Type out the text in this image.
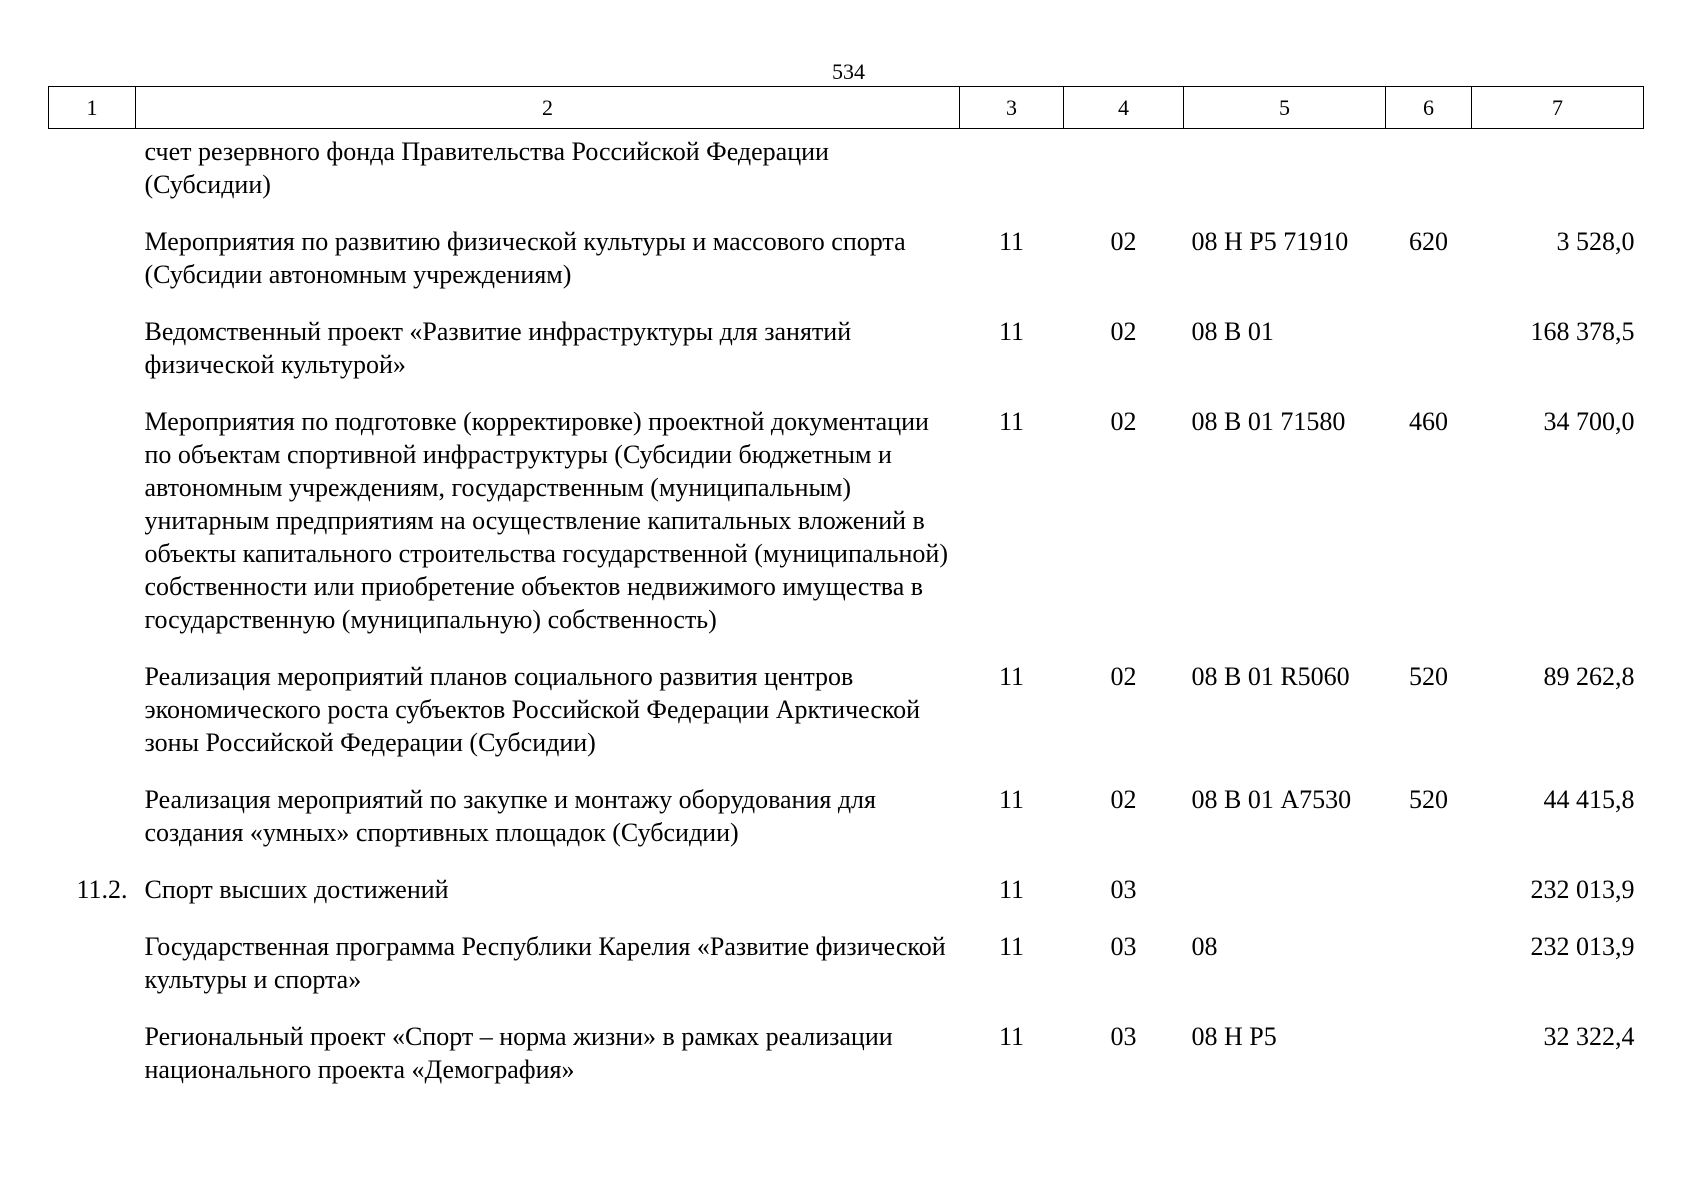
534
1	2	3	4	5	6	7
	счет резервного фонда Правительства Российской Федерации (Субсидии)					
	Мероприятия по развитию физической культуры и массового спорта (Субсидии автономным учреждениям)	11	02	08 Н Р5 71910	620	3 528,0
	Ведомственный проект «Развитие инфраструктуры для занятий физической культурой»	11	02	08 В 01		168 378,5
	Мероприятия по подготовке (корректировке) проектной документации по объектам спортивной инфраструктуры (Субсидии бюджетным и автономным учреждениям, государственным (муниципальным) унитарным предприятиям на осуществление капитальных вложений в объекты капитального строительства государственной (муниципальной) собственности или приобретение объектов недвижимого имущества в государственную (муниципальную) собственность)	11	02	08 В 01 71580	460	34 700,0
	Реализация мероприятий планов социального развития центров экономического роста субъектов Российской Федерации Арктической зоны Российской Федерации (Субсидии)	11	02	08 В 01 R5060	520	89 262,8
	Реализация мероприятий по закупке и монтажу оборудования для создания «умных» спортивных площадок (Субсидии)	11	02	08 В 01 А7530	520	44 415,8
11.2.	Спорт высших достижений	11	03			232 013,9
	Государственная программа Республики Карелия «Развитие физической культуры и спорта»	11	03	08		232 013,9
	Региональный проект «Спорт – норма жизни» в рамках реализации национального проекта «Демография»	11	03	08 Н Р5		32 322,4
